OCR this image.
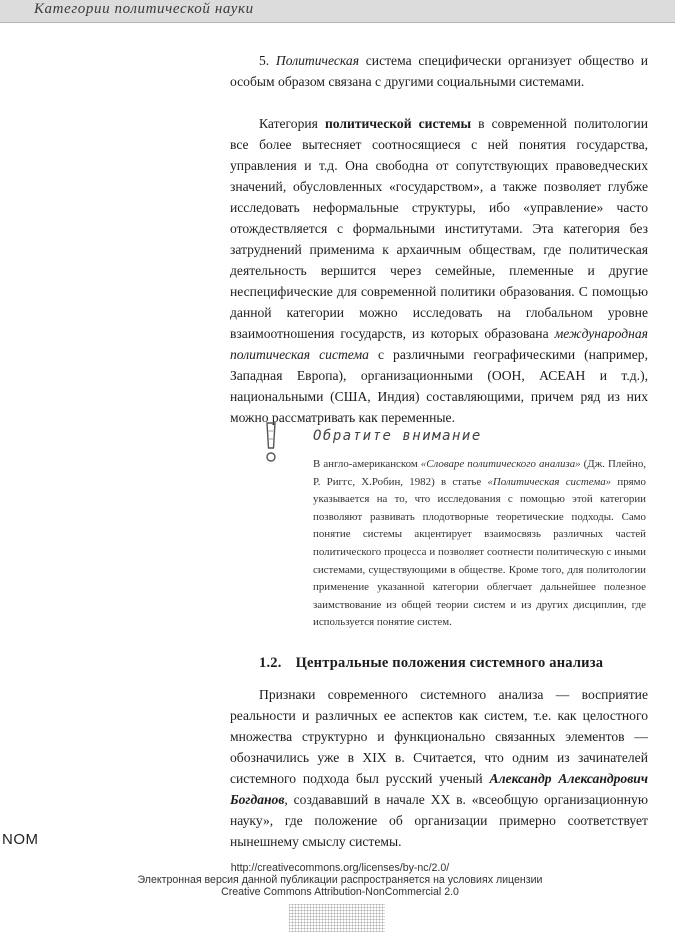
Категории политической науки

5. Политическая система специфически организует общество и особым образом связана с другими социальными системами.

Категория политической системы в современной политологии все более вытесняет соотносящиеся с ней понятия государства, управления и т.д. Она свободна от сопутствующих правоведческих значений, обусловленных «государством», а также позволяет глубже исследовать неформальные структуры, ибо «управление» часто отождествляется с формальными институтами. Эта категория без затруднений применима к архаичным обществам, где политическая деятельность вершится через семейные, племенные и другие неспецифические для современной политики образования. С помощью данной категории можно исследовать на глобальном уровне взаимоотношения государств, из которых образована международная политическая система с различными географическими (например, Западная Европа), организационными (ООН, АСЕАН и т.д.), национальными (США, Индия) составляющими, причем ряд из них можно рассматривать как переменные.

Обратите внимание

В англо-американском «Словаре политического анализа» (Дж. Плейно, Р. Риггс, Х.Робин, 1982) в статье «Политическая система» прямо указывается на то, что исследования с помощью этой категории позволяют развивать плодотворные теоретические подходы. Само понятие системы акцентирует взаимосвязь различных частей политического процесса и позволяет соотнести политическую с иными системами, существующими в обществе. Кроме того, для политологии применение указанной категории облегчает дальнейшее полезное заимствование из общей теории систем и из других дисциплин, где используется понятие систем.

1.2. Центральные положения системного анализа

Признаки современного системного анализа — восприятие реальности и различных ее аспектов как систем, т.е. как целостного множества структурно и функционально связанных элементов — обозначились уже в XIX в. Считается, что одним из зачинателей системного подхода был русский ученый Александр Александрович Богданов, создававший в начале XX в. «всеобщую организационную науку», где положение об организации примерно соответствует нынешнему смыслу системы.

NOM
http://creativecommons.org/licenses/by-nc/2.0/
Электронная версия данной публикации распространяется на условиях лицензии
Creative Commons Attribution-NonCommercial 2.0
